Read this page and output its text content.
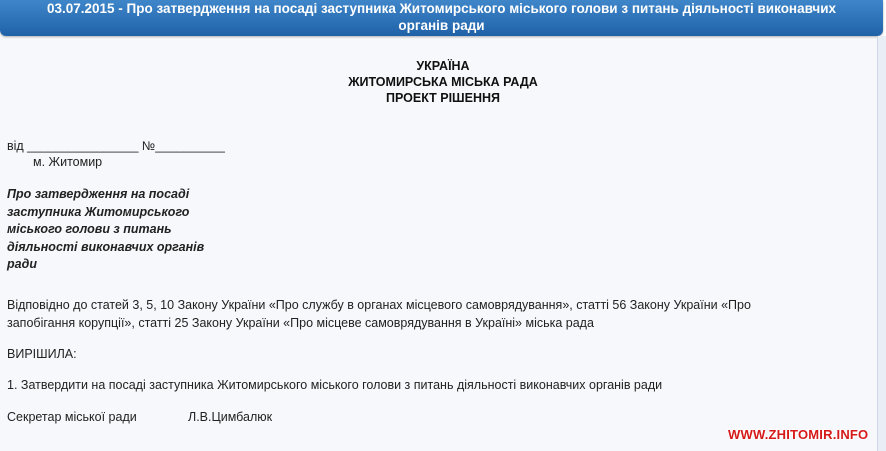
03.07.2015 - Про затвердження на посаді заступника Житомирського міського голови з питань діяльності виконавчих
органів ради
УКРАЇНА
ЖИТОМИРСЬКА МІСЬКА РАДА
ПРОЕКТ РІШЕННЯ
від ________________ №__________
м. Житомир
Про затвердження на посаді
заступника Житомирського
міського голови з питань
діяльності виконавчих органів
ради
Відповідно до статей 3, 5, 10 Закону України «Про службу в органах місцевого самоврядування», статті 56 Закону України «Про
запобігання корупції», статті 25 Закону України «Про місцеве самоврядування в Україні» міська рада
ВИРІШИЛА:
1. Затвердити на посаді заступника Житомирського міського голови з питань діяльності виконавчих органів ради
Секретар міської ради	Л.В.Цимбалюк
WWW.ZHITOMIR.INFO
